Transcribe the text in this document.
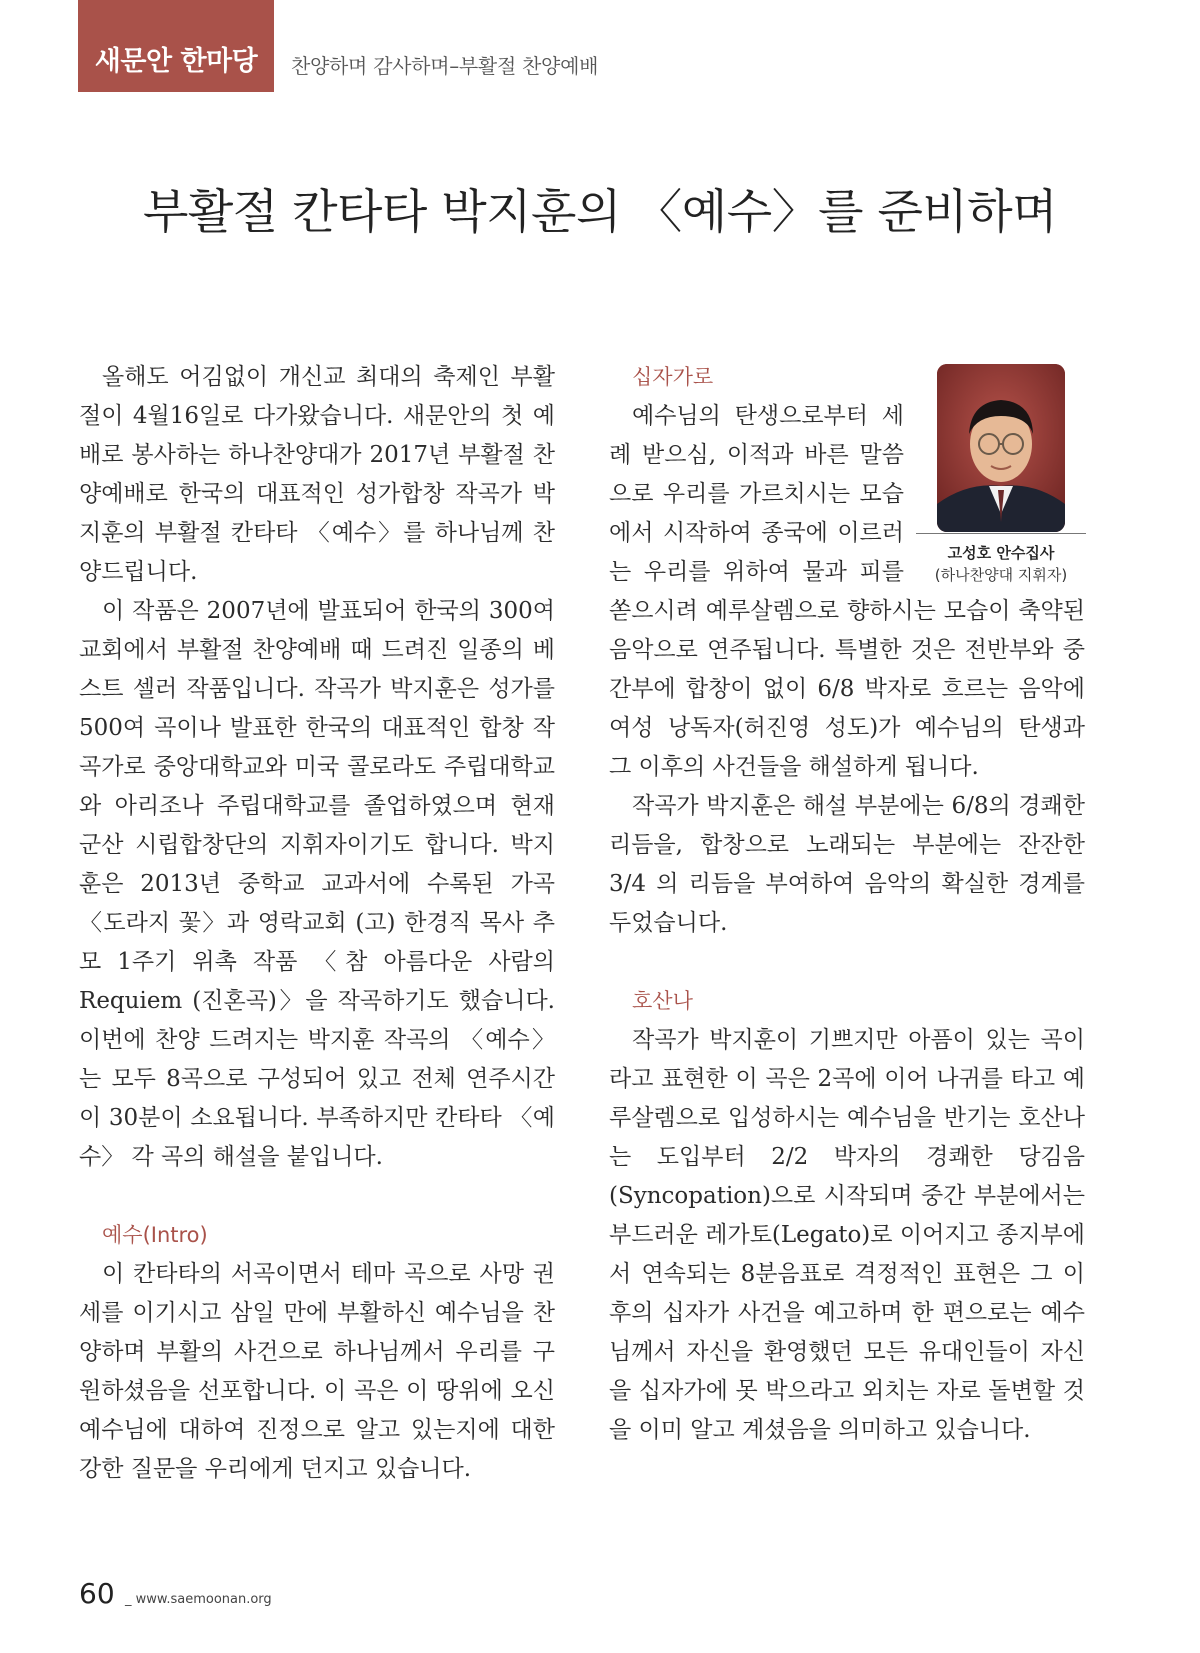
새문안 한마당	찬양하며 감사하며–부활절 찬양예배
부활절 칸타타 박지훈의 〈예수〉를 준비하며

올해도 어김없이 개신교 최대의 축제인 부활절이 4월16일로 다가왔습니다. 새문안의 첫 예배로 봉사하는 하나찬양대가 2017년 부활절 찬양예배로 한국의 대표적인 성가합창 작곡가 박지훈의 부활절 칸타타 〈예수〉를 하나님께 찬양드립니다.

이 작품은 2007년에 발표되어 한국의 300여 교회에서 부활절 찬양예배 때 드려진 일종의 베스트 셀러 작품입니다. 작곡가 박지훈은 성가를 500여 곡이나 발표한 한국의 대표적인 합창 작곡가로 중앙대학교와 미국 콜로라도 주립대학교와 아리조나 주립대학교를 졸업하였으며 현재 군산 시립합창단의 지휘자이기도 합니다. 박지훈은 2013년 중학교 교과서에 수록된 가곡 〈도라지 꽃〉과 영락교회 (고) 한경직 목사 추모 1주기 위촉 작품 〈참 아름다운 사람의 Requiem (진혼곡)〉을 작곡하기도 했습니다. 이번에 찬양 드려지는 박지훈 작곡의 〈예수〉는 모두 8곡으로 구성되어 있고 전체 연주시간이 30분이 소요됩니다. 부족하지만 칸타타 〈예수〉 각 곡의 해설을 붙입니다.

예수(Intro)

이 칸타타의 서곡이면서 테마 곡으로 사망 권세를 이기시고 삼일 만에 부활하신 예수님을 찬양하며 부활의 사건으로 하나님께서 우리를 구원하셨음을 선포합니다. 이 곡은 이 땅위에 오신 예수님에 대하여 진정으로 알고 있는지에 대한 강한 질문을 우리에게 던지고 있습니다.

고성호 안수집사
(하나찬양대 지휘자)
십자가로

예수님의 탄생으로부터 세례 받으심, 이적과 바른 말씀으로 우리를 가르치시는 모습에서 시작하여 종국에 이르러는 우리를 위하여 물과 피를 쏟으시려 예루살렘으로 향하시는 모습이 축약된 음악으로 연주됩니다. 특별한 것은 전반부와 중간부에 합창이 없이 6/8 박자로 흐르는 음악에 여성 낭독자(허진영 성도)가 예수님의 탄생과 그 이후의 사건들을 해설하게 됩니다.

작곡가 박지훈은 해설 부분에는 6/8의 경쾌한 리듬을, 합창으로 노래되는 부분에는 잔잔한 3/4 의 리듬을 부여하여 음악의 확실한 경계를 두었습니다.

호산나

작곡가 박지훈이 기쁘지만 아픔이 있는 곡이라고 표현한 이 곡은 2곡에 이어 나귀를 타고 예루살렘으로 입성하시는 예수님을 반기는 호산나는 도입부터 2/2 박자의 경쾌한 당김음(Syncopation)으로 시작되며 중간 부분에서는 부드러운 레가토(Legato)로 이어지고 종지부에서 연속되는 8분음표로 격정적인 표현은 그 이후의 십자가 사건을 예고하며 한 편으로는 예수님께서 자신을 환영했던 모든 유대인들이 자신을 십자가에 못 박으라고 외치는 자로 돌변할 것을 이미 알고 계셨음을 의미하고 있습니다.

60 _ www.saemoonan.org
